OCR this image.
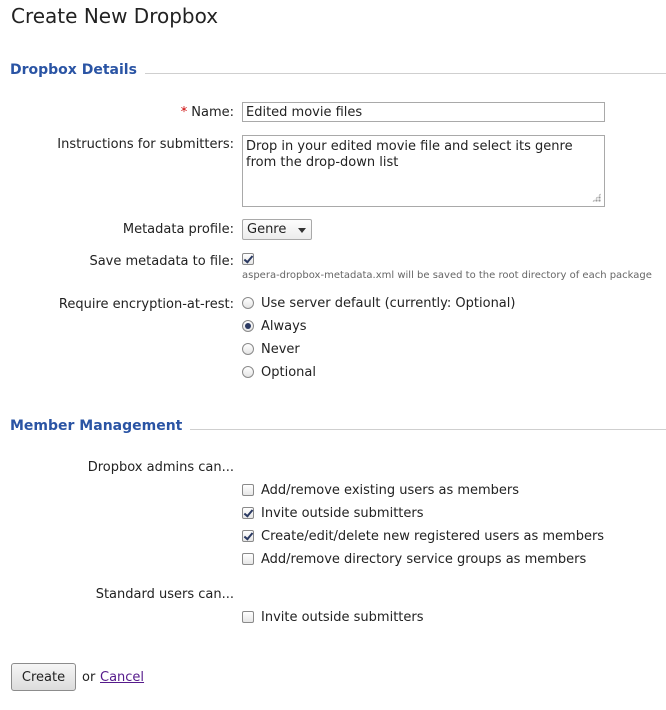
Create New Dropbox
Dropbox Details
* Name:
Edited movie files
Instructions for submitters:
Drop in your edited movie file and select its genre from the drop-down list
Metadata profile:	Genre
Save metadata to file:
aspera-dropbox-metadata.xml will be saved to the root directory of each package
Require encryption-at-rest: Use server default (currently: Optional)
Always
Never
Optional
Member Management
Dropbox admins can...
Add/remove existing users as members
Invite outside submitters
Create/edit/delete new registered users as members
Add/remove directory service groups as members
Standard users can...
Invite outside submitters
Create	or Cancel
